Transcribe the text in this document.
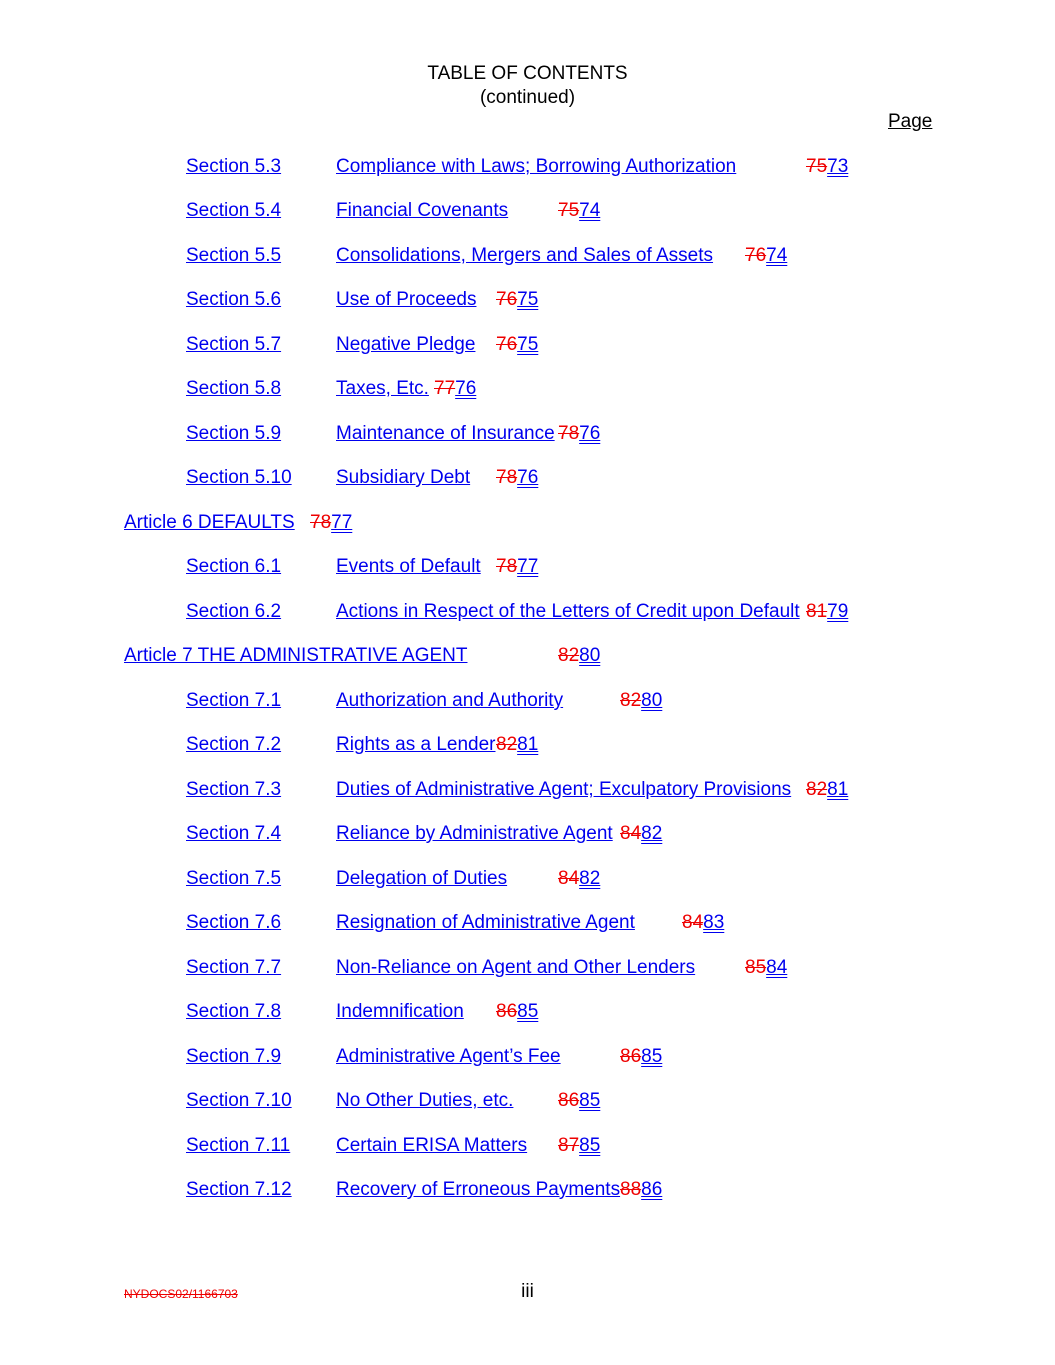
TABLE OF CONTENTS
(continued)
Page
Section 5.3	Compliance with Laws; Borrowing Authorization	7573
Section 5.4	Financial Covenants	7574
Section 5.5	Consolidations, Mergers and Sales of Assets 7674
Section 5.6	Use of Proceeds 7675
Section 5.7	Negative Pledge 7675
Section 5.8	Taxes, Etc. 7776
Section 5.9	Maintenance of Insurance 7876
Section 5.10 Subsidiary Debt 7876
Article 6 DEFAULTS 7877
Section 6.1	Events of Default 7877
Section 6.2	Actions in Respect of the Letters of Credit upon Default 8179
Article 7 THE ADMINISTRATIVE AGENT	8280
Section 7.1	Authorization and Authority	8280
Section 7.2	Rights as a Lender 8281
Section 7.3	Duties of Administrative Agent; Exculpatory Provisions 8281
Section 7.4	Reliance by Administrative Agent 8482
Section 7.5	Delegation of Duties	8482
Section 7.6	Resignation of Administrative Agent 8483
Section 7.7	Non-Reliance on Agent and Other Lenders	8584
Section 7.8	Indemnification 8685
Section 7.9	Administrative Agent’s Fee	8685
Section 7.10 No Other Duties, etc. 8685
Section 7.11 Certain ERISA Matters 8785
Section 7.12 Recovery of Erroneous Payments 8886
NYDOCS02/1166703	iii
